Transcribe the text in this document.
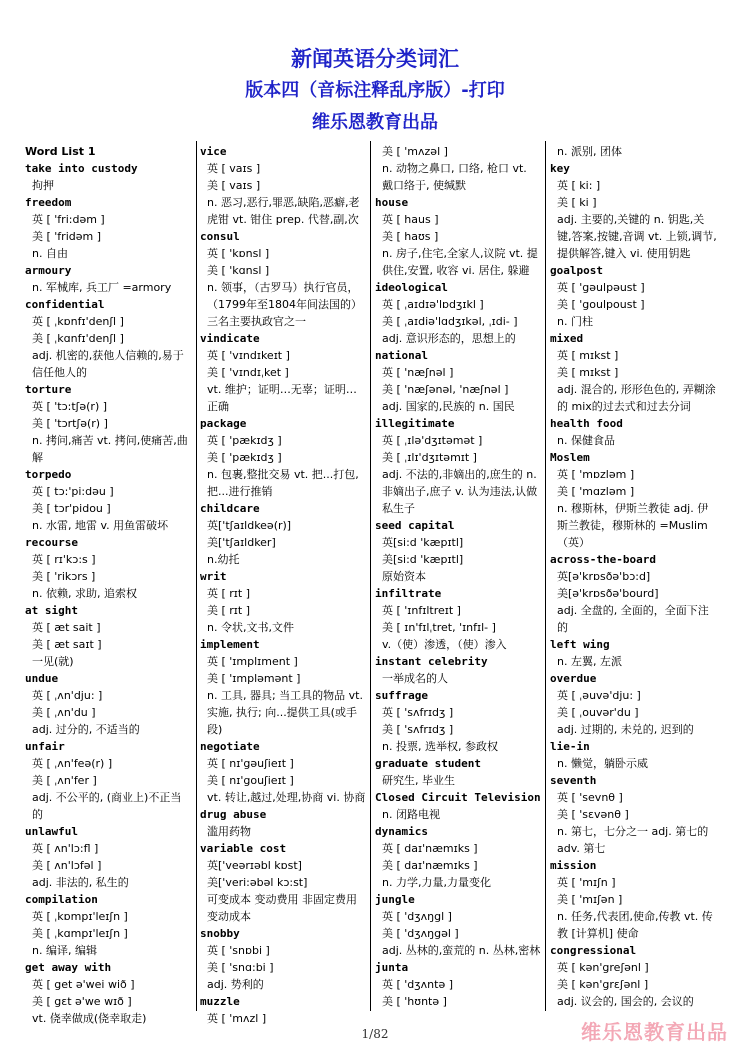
新闻英语分类词汇
版本四（音标注释乱序版）-打印
维乐恩教育出品
Word List 1
take into custody
拘押
freedom
英 [ 'fri:dəm ]
美 [ 'fridəm ]
n. 自由
armoury
n. 军械库, 兵工厂 =armory
confidential
英 [ ˌkɒnfɪ'denʃl ]
美 [ ˌkɑnfɪ'denʃl ]
adj. 机密的,获他人信赖的,易于信任他人的
torture
英 [ 'tɔ:tʃə(r) ]
美 [ 'tɔrtʃə(r) ]
n. 拷问,痛苦 vt. 拷问,使痛苦,曲解
torpedo
英 [ tɔ:'pi:dəu ]
美 [ tɔr'pidou ]
n. 水雷, 地雷 v. 用鱼雷破坏
recourse
英 [ rɪ'kɔ:s ]
美 [ 'rikɔrs ]
n. 依赖, 求助, 追索权
at sight
英 [ æt sait ]
美 [ æt saɪt ]
一见(就)
undue
英 [ ˌʌn'dju: ]
美 [ ˌʌn'du ]
adj. 过分的, 不适当的
unfair
英 [ ˌʌn'feə(r) ]
美 [ ˌʌn'fer ]
adj. 不公平的, (商业上)不正当的
unlawful
英 [ ʌn'lɔ:fl ]
美 [ ʌn'lɔfəl ]
adj. 非法的, 私生的
compilation
英 [ ˌkɒmpɪ'leɪʃn ]
美 [ ˌkɑmpɪ'leɪʃn ]
n. 编译, 编辑
get away with
英 [ get ə'wei wið ]
美 [ gɛt ə'we wɪð ]
vt. 侥幸做成(侥幸取走)
vice
英 [ vaɪs ]
美 [ vaɪs ]
n. 恶习,恶行,罪恶,缺陷,恶癖,老虎钳 vt. 钳住 prep. 代替,副,次
consul
英 [ 'kɒnsl ]
美 [ 'kɑnsl ]
n. 领事，（古罗马）执行官员，（1799年至1804年间法国的）三名主要执政官之一
vindicate
英 [ 'vɪndɪkeɪt ]
美 [ 'vɪndɪˌket ]
vt. 维护；证明…无辜；证明…正确
package
英 [ 'pækɪdʒ ]
美 [ 'pækɪdʒ ]
n. 包裹,整批交易 vt. 把...打包,把...进行推销
childcare
英['tʃaɪldkeə(r)]
美['tʃaɪldker]
n.幼托
writ
英 [ rɪt ]
美 [ rɪt ]
n. 令状,文书,文件
implement
英 [ 'ɪmplɪment ]
美 [ 'ɪmpləmənt ]
n. 工具, 器具; 当工具的物品 vt. 实施, 执行; 向...提供工具(或手段)
negotiate
英 [ nɪ'gəuʃieɪt ]
美 [ nɪ'gouʃieɪt ]
vt. 转让,越过,处理,协商 vi. 协商
drug abuse
滥用药物
variable cost
英['veərɪəbl kɒst]
美['veri:əbəl kɔ:st]
可变成本 变动费用 非固定费用 变动成本
snobby
英 [ 'snɒbi ]
美 [ 'snɑ:bi ]
adj. 势利的
muzzle
英 [ 'mʌzl ]
美 [ 'mʌzəl ]
n. 动物之鼻口, 口络, 枪口 vt. 戴口络于, 使缄默
house
英 [ haus ]
美 [ haʊs ]
n. 房子,住宅,全家人,议院 vt. 提供住,安置, 收容 vi. 居住, 躲避
ideological
英 [ ˌaɪdɪə'lɒdʒɪkl ]
美 [ ˌaɪdiə'lɑdʒɪkəl, ˌɪdi- ]
adj. 意识形态的，思想上的
national
英 [ 'næʃnəl ]
美 [ 'næʃənəl, 'næʃnəl ]
adj. 国家的,民族的 n. 国民
illegitimate
英 [ ˌɪlə'dʒɪtəmət ]
美 [ ˌɪlɪ'dʒɪtəmɪt ]
adj. 不法的,非嫡出的,庶生的 n. 非嫡出子,庶子 v. 认为违法,认做私生子
seed capital
英[si:d 'kæpɪtl]
美[si:d 'kæpɪtl]
原始资本
infiltrate
英 [ 'ɪnfɪltreɪt ]
美 [ ɪn'fɪlˌtret, 'ɪnfɪl- ]
v.（使）渗透，（使）渗入
instant celebrity
一举成名的人
suffrage
英 [ 'sʌfrɪdʒ ]
美 [ 'sʌfrɪdʒ ]
n. 投票, 选举权, 参政权
graduate student
研究生, 毕业生
Closed Circuit Television
n. 闭路电视
dynamics
英 [ daɪ'næmɪks ]
美 [ daɪ'næmɪks ]
n. 力学,力量,力量变化
jungle
英 [ 'dʒʌŋgl ]
美 [ 'dʒʌŋgəl ]
adj. 丛林的,蛮荒的 n. 丛林,密林
junta
英 [ 'dʒʌntə ]
美 [ 'hʊntə ]
n. 派别, 团体
key
英 [ ki: ]
美 [ ki ]
adj. 主要的,关键的 n. 钥匙,关键,答案,按键,音调 vt. 上锁,调节,提供解答,键入 vi. 使用钥匙
goalpost
英 [ 'gəulpəust ]
美 [ 'goulpoust ]
n. 门柱
mixed
英 [ mɪkst ]
美 [ mɪkst ]
adj. 混合的, 形形色色的, 弄糊涂的 mix的过去式和过去分词
health food
n. 保健食品
Moslem
英 [ 'mɒzləm ]
美 [ 'mɑzləm ]
n. 穆斯林，伊斯兰教徒 adj. 伊斯兰教徒，穆斯林的 =Muslim（英）
across-the-board
英[ə'krɒsðə'bɔ:d]
美[ə'krɒsðə'bourd]
adj. 全盘的, 全面的，全面下注的
left wing
n. 左翼, 左派
overdue
英 [ ˌəuvə'dju: ]
美 [ ˌouvər'du ]
adj. 过期的, 未兑的, 迟到的
lie-in
n. 懒觉，躺卧示威
seventh
英 [ 'sevnθ ]
美 [ 'sɛvənθ ]
n. 第七，七分之一 adj. 第七的 adv. 第七
mission
英 [ 'mɪʃn ]
美 [ 'mɪʃən ]
n. 任务,代表团,使命,传教 vt. 传教 [计算机] 使命
congressional
英 [ kən'greʃənl ]
美 [ kən'grɛʃənl ]
adj. 议会的, 国会的, 会议的
1/82	维乐恩教育出品
